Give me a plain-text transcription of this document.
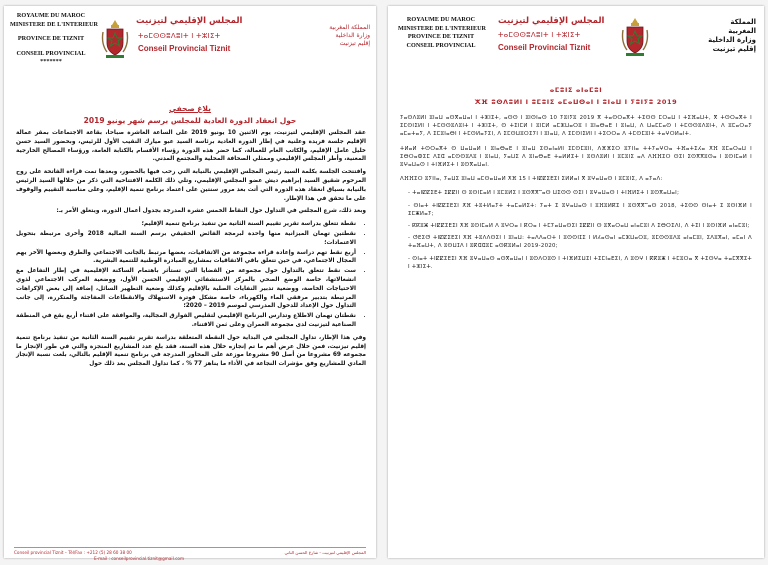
ROYAUME DU MAROC
MINISTERE DE L'INTERIEUR
PROVINCE DE TIZNIT
CONSEIL PROVINCIAL
*******
المجلس الإقليمي لتيزنيت
ⵜⴰⵎⵙⵙⵓⴷⵓⵏⵜ ⵏ ⵜⵣⵏⵉⵜ
Conseil Provincial Tiznit
المملكة المغربية
وزارة الداخلية
إقليم تيزنيت
بلاغ صحفي
حول انعقاد الدورة العادية للمجلس برسم شهر يونيو 2019

عقد المجلس الإقليمي لتيزنيت، يوم الاثنين 10 يونيو 2019 على الساعة العاشرة صباحا، بقاعة الاجتماعات بمقر عمالة الإقليم جلسة فريدة وعلنية في إطار الدورة العادية برئاسة السيد عبو ميارك النقيب الأول للرئيس، وبحضور السيد حسن خليل عامل الإقليم، والكاتب العام للعمالة، كما حضر هذه الدورة رؤساء الأقسام بالكتابة العامة، ورؤساء المصالح الخارجية المعنية، وأطر المجلس الإقليمي وممثلي الصحافة المحلية والمجتمع المدني.

وافتتحت الجلسة بكلمة السيد رئيس المجلس الإقليمي بالنيابة التي رحب فيها بالحضور، وبعدها تمت قراءة الفاتحة على روح المرحوم شقيق السيد إبراهيم ديش عضو المجلس الإقليمي، وتلي ذلك الكلمة الافتتاحية التي ذكر من خلالها السيد الرئيس بالنيابة بسياق انعقاد هذه الدورة التي أتت بعد مرور سنتين على اعتماد برنامج تنمية الإقليم، وعلى مناسبة التقييم والوقوف على ما تحقق في هذا الإطار.

وبعد ذلك، شرع المجلس في التداول حول النقاط الخمس عشرة المدرجة بجدول أعمال الدورة، ويتعلق الأمر بـ:

• نقطة تتعلق بدراسة تقرير تقييم السنة الثانية من تنفيذ برنامج تنمية الإقليم؛
• نقطتين تهمان الميزانية منها واحدة لبرمجة الفائض الحقيقي برسم السنة المالية 2018 وأخرى مرتبطة بتحويل الاعتمادات؛
• أربع نقط تهم دراسة وإعادة قراءة مجموعة من الاتفاقيات، بعضها مرتبط بالجانب الاجتماعي والطرق وبعضها الآخر يهم المجال الاجتماعي، في حين تتعلق باقي الاتفاقيات بمشاريع المبادرة الوطنية للتنمية البشرية.
• ست نقط تتعلق بالتداول حول مجموعة من القضايا التي تستأثر باهتمام الساكنة الإقليمية في إطار التفاعل مع انشغالاتها، خاصة الوضع الصحي بالمركز الاستشفائي الإقليمي الحسن الأول، ووضعية المركب الاجتماعي لذوي الاحتياجات الخاصة، ووضعية تدبير النفايات الصلبة بالإقليم وكذلك وضعية التطهير السائل، إضافة إلى بعض الإكراهات المرتبطة بتدبير مرفقي الماء والكهرباء، خاصة مشكل فوترة الاستهلاك والانقطاعات المفاجئة والمتكررة، إلى جانب التداول حول الإعداد للدخول المدرسي لموسم 2019 – 2020؛
• نقطتان تهمان الاطلاع وتدارس البرنامج الإقليمي لتقليص الفوارق المجالية، والموافقة على اقتناء أربع بقع في المنطقة الصناعية لتيزنيت لدى مجموعة العمران وعلى ثمن الاقتناء.

وفي هذا الإطار، تداول المجلس في البداية حول النقطة المتعلقة بدراسة تقرير تقييم السنة الثانية من تنفيذ برنامج تنمية إقليم تيزنيت، فمن خلال عرض أهم ما تم إنجازه خلال هذه السنة، فقد بلغ عدد المشاريع المنجزة والتي في طور الإنجاز ما مجموعه 69 مشروعا من أصل 90 مشروعا موزعة على المحاور المدرجة في برنامج تنمية الإقليم بالتالي، بلغت نسبة الإنجاز المادي للمشاريع وفق مؤشرات النجاعة في الأداء ما يناهز 77 % ، كما تداول المجلس بعد ذلك حول

Conseil provincial Tiznit – Tél/Fax : +212 (5) 28 60 38 00	المجلس الإقليمي لتيزنيت - شارع الحسن الثاني
E-mail : conseilprovincial.tiznit@gmail.com
ROYAUME DU MAROC
MINISTERE DE L'INTERIEUR
PROVINCE DE TIZNIT
CONSEIL PROVINCIAL
المجلس الإقليمي لتيزنيت
ⵜⴰⵎⵙⵙⵓⴷⵓⵏⵜ ⵏ ⵜⵣⵏⵉⵜ
Conseil Provincial Tiznit
المملكة
المغربية
وزارة الداخلية
إقليم تيزنيت
ⴰⵎⵓⵏⵉ ⴰⵏⴰⵎⵓⵏ
ⵅⴼ ⵓⵙⴷⵓⵍⵏ ⵏ ⵓⵎⵓⵏⵉ ⴰⵎⴰⵡⵙⴰⵏ ⵏ ⵓⵏⴰⵡ ⵏ ⵢⵓⵏⵢⵓ 2019

ⵢⴰⵙⴷⵓⵍⵏ ⵓⵏⴰⵡ ⴰⵙⴳⴰⵡⴰⵏ ⵏ ⵜⵣⵏⵉⵜ, ⴰⵙⵙ ⵏ ⵓⵏⵙⵏⴰⵙ 10 ⵢⵓⵏⵢⵓ 2019 ⴳ ⵜⴰⵙⵔⴰⴳⵜ ⵜⵉⵙⵙ ⵎⵔⴰⵡ ⵏ ⵜⵉⴼⴰⵡⵜ, ⴳ ⵜⵙⵔⴰⴳⵜ ⵏ ⵉⵎⵙⵏⵉⵍⵏ ⵏ ⵜⵎⵙⵙⵓⴷⵓⵏⵜ ⵏ ⵜⵣⵏⵉⵜ, ⵙ ⵜⵉⵏⵎⵍ ⵏ ⵓⵏⵎⵍ ⴰⵎⵣⵡⴰⵔⵓ ⵏ ⵓⵏⴰⴱⴰⴹ ⵏ ⵓⵏⴰⵡ, ⴷ ⵡⴰⵎⵎⴰⵙ ⵏ ⵜⵎⵙⵙⵓⴷⵓⵏⵜ, ⴷ ⵓⵎⴰⵔⴰⵢ ⴰⵎⴰⵜⴰⵢ, ⴷ ⵉⵎⵓⵏⴰⴱⵏ ⵏ ⵜⵎⵙⵍⴰⵢⵉⵏ, ⴷ ⵉⵎⵙⵡⵓⵔⵉⵢⵏ ⵏ ⵓⵏⴰⵡ, ⴷ ⵉⵎⵙⵏⵉⵍⵏ ⵏ ⵜⵉⵔⵔⴰ ⴷ ⵜⵎⵙⵎⵓⵏⵜ ⵜⴰⵖⵔⵍⴰⵏⵜ.

ⵜⵍⴰⵍ ⵜⵙⵔⴰⴳⵜ ⵙ ⵡⴰⵡⴰⵍ ⵏ ⵓⵏⴰⴱⴰⴹ ⵏ ⵓⵏⴰⵡ ⵉⵙⴰⵏⴰⵍⵏ ⵉⵎⵙⵎⵓⵏⵏ, ⴷⴼⴼⵉⵔ ⵓⵢⵏⵏⴰ ⵜⵜⵢⴰⵖⵔⴰ ⵜⴼⴰⵜⵉⵃⴰ ⵅⴼ ⵓⵎⴰⵔⴰⵡ ⵏ ⵉⴱⵔⴰⵀⵉⵎ ⴷⵉⵛ ⴰⵎⵙⵙⵓⴷⵓ ⵏ ⵓⵏⴰⵡ, ⵢⴰⵡⵉ ⴷ ⵓⵏⴰⴱⴰⴹ ⵜⴰⵍⵍⵉⵜ ⵏ ⵓⵙⴷⵓⵍⵏ ⵏ ⵓⵎⵓⵏⵉ ⴰⴷ ⴷⴼⴼⵉⵔ ⵙⵉⵏ ⵉⵙⴳⴳⵓⵙⴰ ⵏ ⵓⵙⵏⵎⴰⵍ ⵏ ⵓⵖⴰⵡⴰⵙ ⵏ ⵜⵏⴼⵍⵉⵜ ⵏ ⵓⵙⴳⴰⵡⴰⵏ.

ⴷⴼⴼⵉⵔ ⵓⵢⵏⵏⴰ, ⵢⴰⵡⵉ ⵓⵏⴰⵡ ⴰⵎⵙⴰⵡⴰⵍ ⵅⴼ 15 ⵏ ⵜⵏⵇⵇⵉⴹⵉⵏ ⵉⵍⵍⴰⵏ ⴳ ⵓⵖⴰⵡⴰⵙ ⵏ ⵓⵎⵓⵏⵉ, ⴷ ⴰⵢⴰⴷ:

- ⵜⴰⵏⵇⵇⵉⴹⵜ ⵉⵇⵇⵏⵏ ⵙ ⵓⵙⵏⵎⴰⵍ ⵏ ⵓⵎⵓⵍⵉ ⵏ ⵓⵙⴳⴳⵯⴰⵙ ⵡⵉⵙⵙ ⵙⵉⵏ ⵏ ⵓⵖⴰⵡⴰⵙ ⵏ ⵜⵏⴼⵍⵉⵜ ⵏ ⵓⵙⴳⴰⵡⴰⵏ;
- ⵙⵏⴰⵜ ⵜⵏⵇⵇⵉⴹⵉⵏ ⵅⴼ ⵜⵓⵜⵍⴰⵢⵜ ⵜⴰⵎⴰⵍⵉⵜ: ⵢⴰⵜ ⵉ ⵓⵖⴰⵡⴰⵙ ⵏ ⵓⴼⵓⵍⴽⵉ ⵏ ⵓⵙⴳⴳⵯⴰⵙ 2018, ⵜⵉⵙⵙ ⵙⵏⴰⵜ ⵉ ⵓⵙⵏⴼⵍ ⵏ ⵉⵎⵥⵍⴰⵢ;
- ⴽⴽⵓⵥ ⵜⵏⵇⵇⵉⴹⵉⵏ ⵅⴼ ⵓⵙⵏⵎⴰⵍ ⴷ ⵓⵖⵔⴰ ⵏ ⴽⵔⴰ ⵏ ⵜⵎⵢⴰⵡⴰⵙⵉⵏ ⵉⵇⵇⵏⵏ ⵙ ⵓⴳⴰⵔⴰⵡ ⴰⵏⴰⵎⵓⵏ ⴷ ⵉⴱⵔⵉⴷⵏ, ⴷ ⵜⵉⵏ ⵏ ⵓⵙⵏⴼⵍ ⴰⵏⴰⵎⵓⵏ;
- ⵚⴹⵉⵚ ⵜⵏⵇⵇⵉⴹⵉⵏ ⵅⴼ ⵜⵓⴷⴷⵙⵉⵏ ⵏ ⵓⵏⴰⵡ: ⵜⴰⴷⴷⴰⵔⵜ ⵏ ⵓⵙⵙⵏⵊⵉ ⵏ ⵍⵃⴰⵙⴰⵏ ⴰⵎⵣⵡⴰⵔⵓ, ⵓⵎⵙⵙⵓⴷⵓ ⴰⵏⴰⵎⵓⵏ, ⵉⴷⵓⴳⴰⵏ, ⴰⵎⴰⵏ ⴷ ⵜⴰⴼⴰⵡⵜ, ⴷ ⵓⵙⵡⵊⴷ ⵏ ⵓⴽⵛⵛⵓⵎ ⴰⵙⴽⵓⵍⴰⵏ 2019-2020;
- ⵙⵏⴰⵜ ⵜⵏⵇⵇⵉⴹⵉⵏ ⵅⴼ ⵓⵖⴰⵡⴰⵙ ⴰⵙⴳⴰⵡⴰⵏ ⵏ ⵓⵙⴷⵔⵓⵙ ⵏ ⵜⵏⴼⵍⵉⵡⵉⵏ ⵜⵉⵎⵏⴰⴹⵉⵏ, ⴷ ⵓⵙⵖ ⵏ ⴽⴽⵓⵥ ⵏ ⵜⵎⵓⵔⴰ ⴳ ⵜⵉⵙⵖⴰ ⵜⴰⵎⴳⴳⵉⵜ ⵏ ⵜⵣⵏⵉⵜ.
